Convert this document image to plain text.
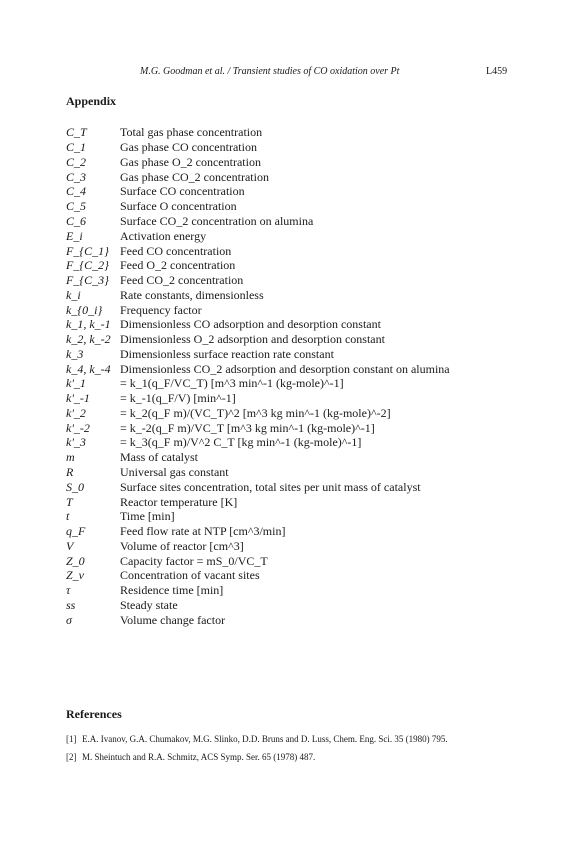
M.G. Goodman et al. / Transient studies of CO oxidation over Pt	L459
Appendix
C_T	Total gas phase concentration
C_1	Gas phase CO concentration
C_2	Gas phase O_2 concentration
C_3	Gas phase CO_2 concentration
C_4	Surface CO concentration
C_5	Surface O concentration
C_6	Surface CO_2 concentration on alumina
E_i	Activation energy
F_{C_1}	Feed CO concentration
F_{C_2}	Feed O_2 concentration
F_{C_3}	Feed CO_2 concentration
k_i	Rate constants, dimensionless
k_{0_i}	Frequency factor
k_1, k_-1	Dimensionless CO adsorption and desorption constant
k_2, k_-2	Dimensionless O_2 adsorption and desorption constant
k_3	Dimensionless surface reaction rate constant
k_4, k_-4	Dimensionless CO_2 adsorption and desorption constant on alumina
k'_1	= k_1(q_F/VC_T) [m^3 min^-1 (kg-mole)^-1]
k'_-1	= k_-1(q_F/V) [min^-1]
k'_2	= k_2(q_F m)/(VC_T)^2 [m^3 kg min^-1 (kg-mole)^-2]
k'_-2	= k_-2(q_F m)/VC_T [m^3 kg min^-1 (kg-mole)^-1]
k'_3	= k_3(q_F m)/V^2 C_T [kg min^-1 (kg-mole)^-1]
m	Mass of catalyst
R	Universal gas constant
S_0	Surface sites concentration, total sites per unit mass of catalyst
T	Reactor temperature [K]
t	Time [min]
q_F	Feed flow rate at NTP [cm^3/min]
V	Volume of reactor [cm^3]
Z_0	Capacity factor = mS_0/VC_T
Z_v	Concentration of vacant sites
τ	Residence time [min]
ss	Steady state
σ	Volume change factor
References
[1] E.A. Ivanov, G.A. Chumakov, M.G. Slinko, D.D. Bruns and D. Luss, Chem. Eng. Sci. 35 (1980) 795.
[2] M. Sheintuch and R.A. Schmitz, ACS Symp. Ser. 65 (1978) 487.
